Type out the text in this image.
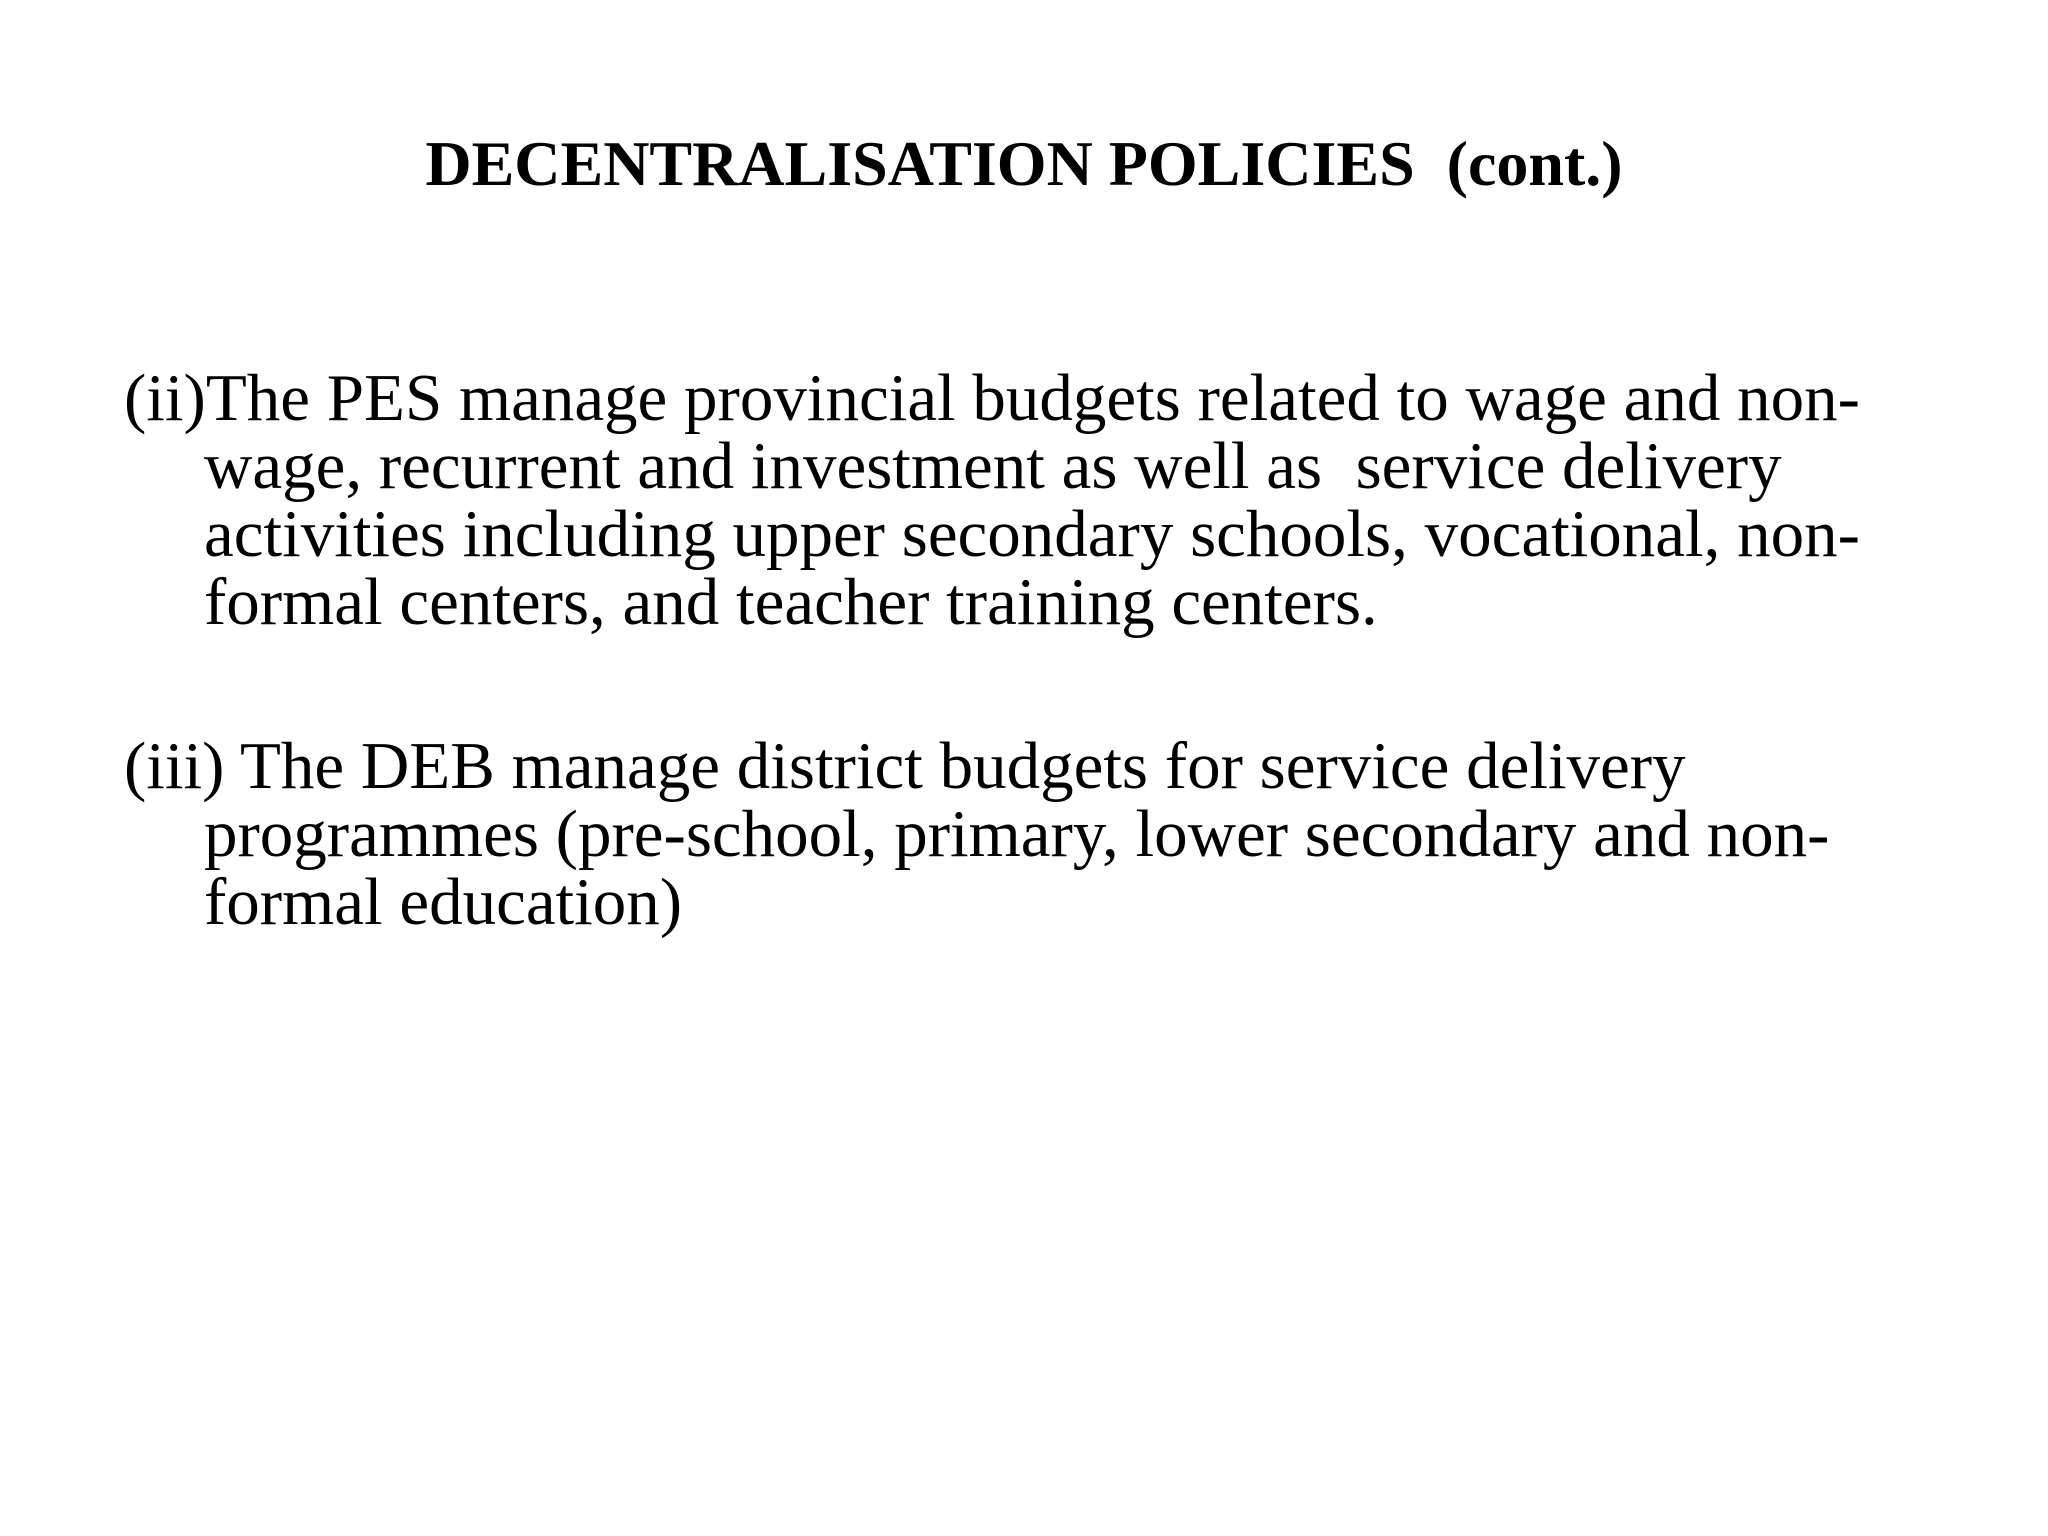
DECENTRALISATION POLICIES  (cont.)

(ii)The PES manage provincial budgets related to wage and non-
wage, recurrent and investment as well as  service delivery
activities including upper secondary schools, vocational, non-
formal centers, and teacher training centers.

(iii) The DEB manage district budgets for service delivery
programmes (pre-school, primary, lower secondary and non-
formal education)
